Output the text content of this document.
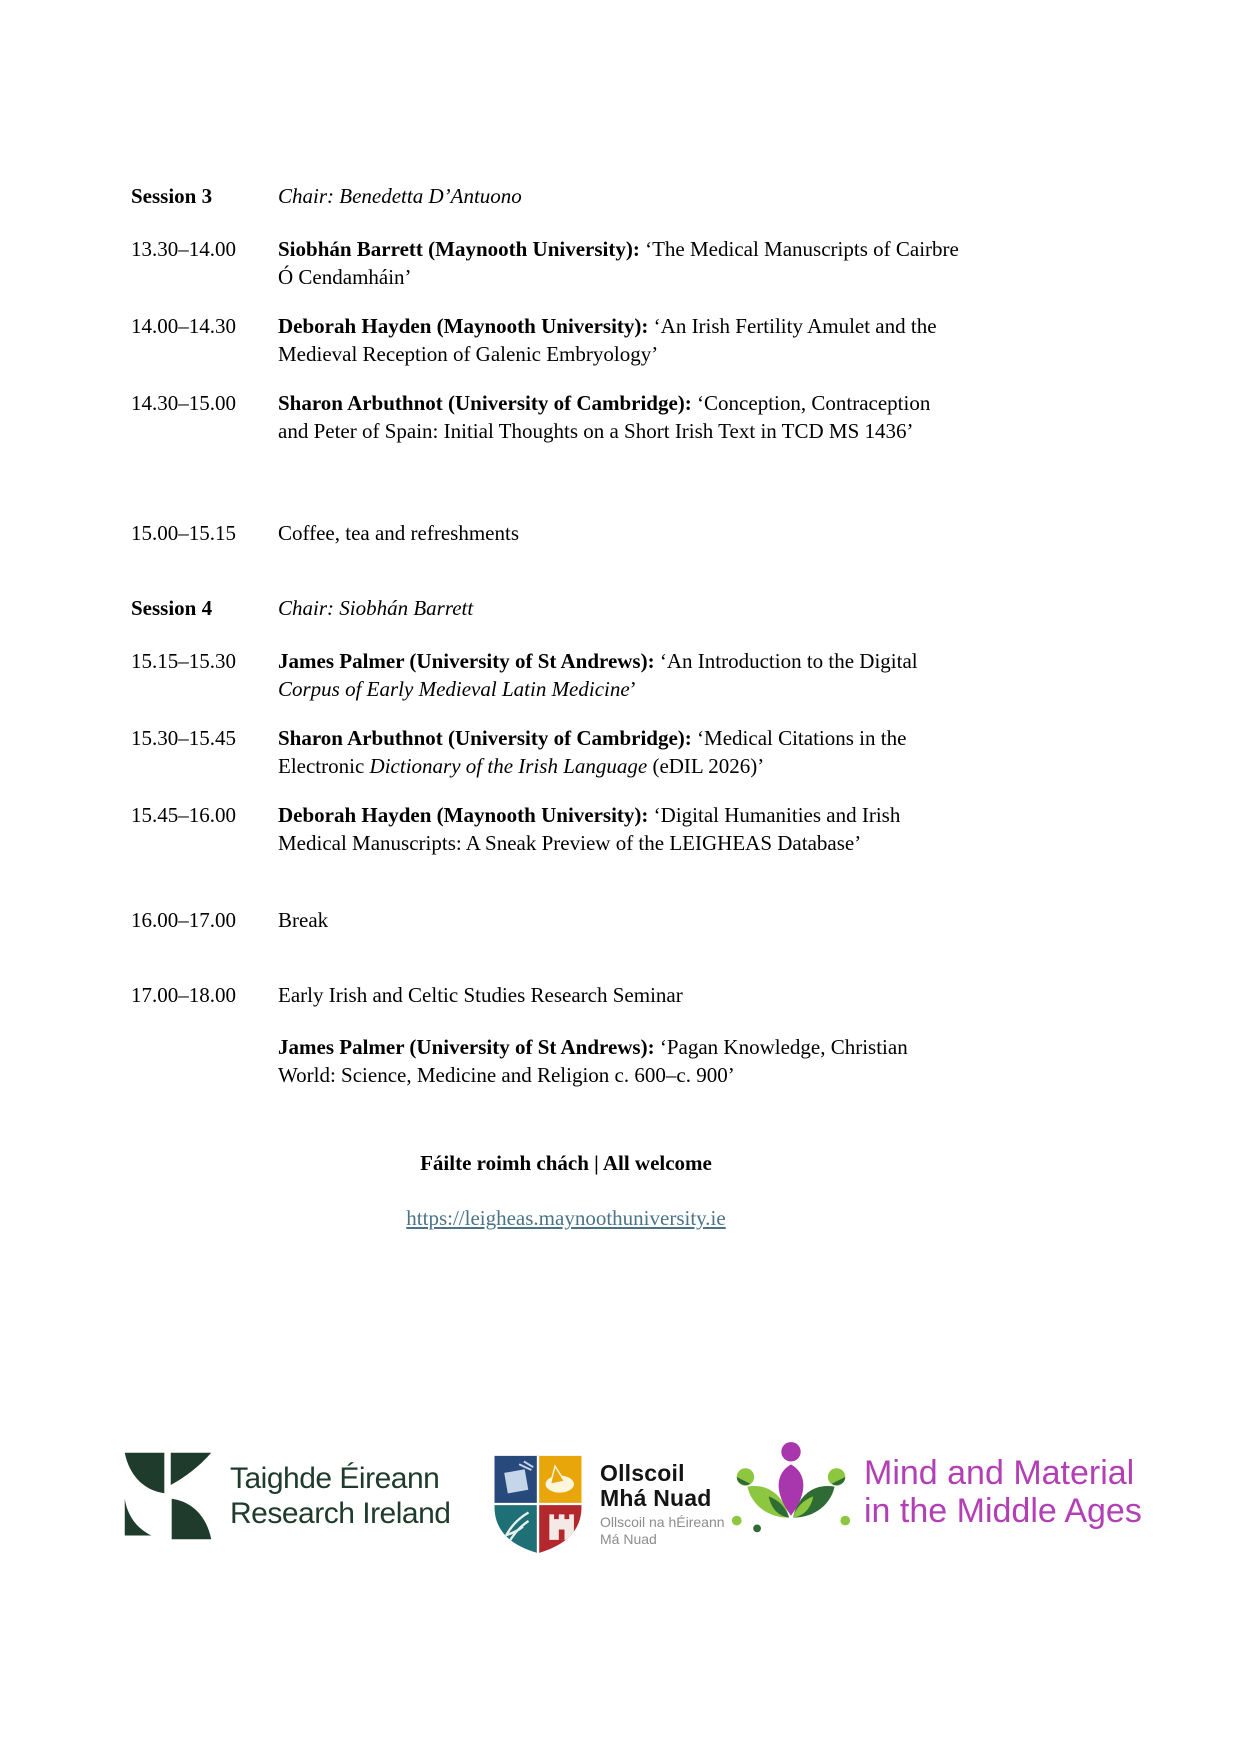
Session 3	Chair: Benedetta D’Antuono
13.30–14.00	Siobhán Barrett (Maynooth University): ‘The Medical Manuscripts of Cairbre Ó Cendamháin’
14.00–14.30	Deborah Hayden (Maynooth University): ‘An Irish Fertility Amulet and the Medieval Reception of Galenic Embryology’
14.30–15.00	Sharon Arbuthnot (University of Cambridge): ‘Conception, Contraception and Peter of Spain: Initial Thoughts on a Short Irish Text in TCD MS 1436’
15.00–15.15	Coffee, tea and refreshments
Session 4	Chair: Siobhán Barrett
15.15–15.30	James Palmer (University of St Andrews): ‘An Introduction to the Digital Corpus of Early Medieval Latin Medicine’
15.30–15.45	Sharon Arbuthnot (University of Cambridge): ‘Medical Citations in the Electronic Dictionary of the Irish Language (eDIL 2026)’
15.45–16.00	Deborah Hayden (Maynooth University): ‘Digital Humanities and Irish Medical Manuscripts: A Sneak Preview of the LEIGHEAS Database’
16.00–17.00	Break
17.00–18.00	Early Irish and Celtic Studies Research Seminar
James Palmer (University of St Andrews): ‘Pagan Knowledge, Christian World: Science, Medicine and Religion c. 600–c. 900’
Fáilte roimh chách | All welcome
https://leigheas.maynoothuniversity.ie
Taighde Éireann
Research Ireland
Ollscoil
Mhá Nuad
Ollscoil na hÉireann
Má Nuad
Mind and Material
in the Middle Ages
